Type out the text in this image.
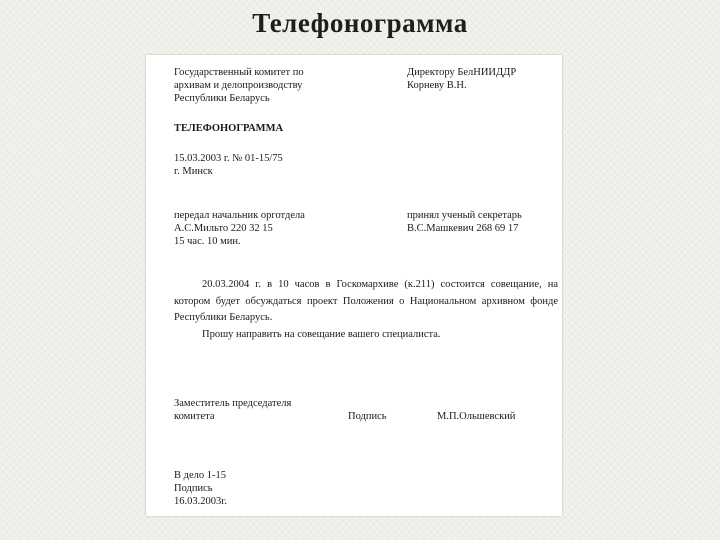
Телефонограмма
Государственный комитет по
архивам и делопроизводству
Республики Беларусь
Директору БелНИИДДР
Корневу В.Н.
ТЕЛЕФОНОГРАММА
15.03.2003 г. № 01-15/75
г. Минск
передал начальник орготдела
А.С.Мильто 220 32 15
15 час. 10 мин.
принял ученый секретарь
В.С.Машкевич 268 69 17

20.03.2004 г. в 10 часов в Госкомархиве (к.211) состоится совещание, на котором будет обсуждаться проект Положения о Национальном архивном фонде Республики Беларусь.

Прошу направить на совещание вашего специалиста.

Заместитель председателя
комитета	Подпись	М.П.Ольшевский
В дело 1-15
Подпись
16.03.2003г.
